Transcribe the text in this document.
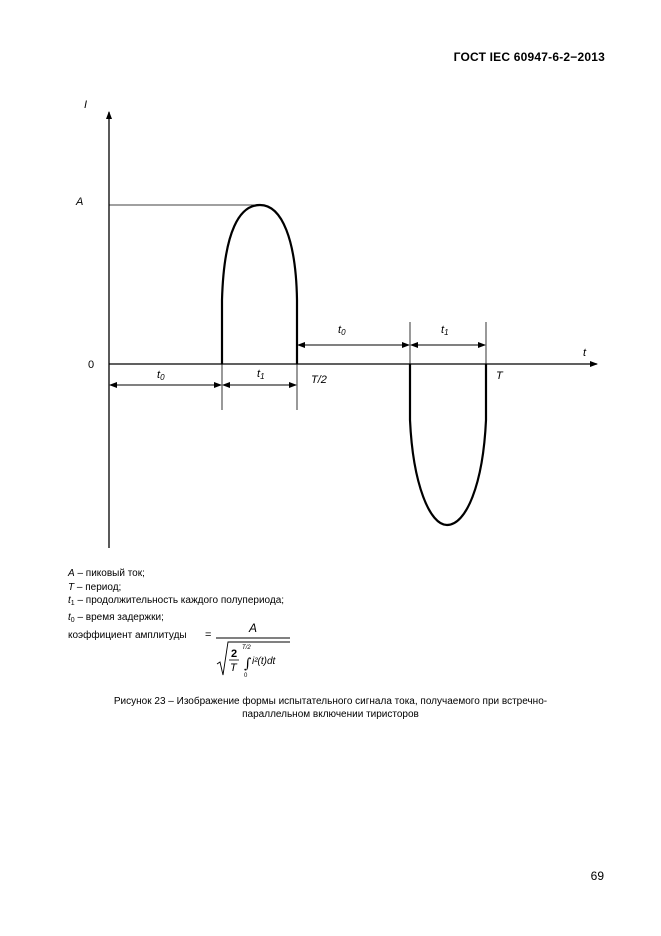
ГОСТ IEC 60947-6-2−2013
I
t
A
0
t0	t1
t0	t1
T/2	T
A – пиковый ток;
T – период;
$t_1$ – продолжительность каждого полупериода;
$t_0$ – время задержки;
коэффициент амплитуды =	A
2
T
T/2
∫
0
i²(t)dt
Рисунок 23 – Изображение формы испытательного сигнала тока, получаемого при встречно-
параллельном включении тиристоров
69
